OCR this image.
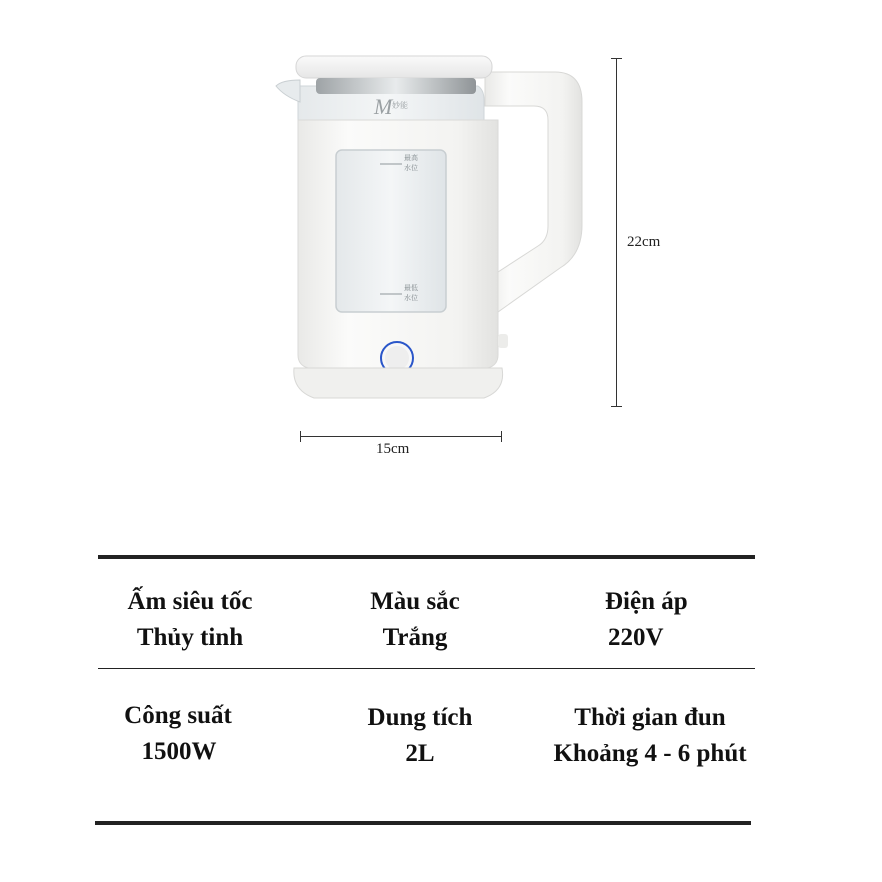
M 妙能
最高
水位
最低
水位
22cm
15cm
Ấm siêu tốc
Thủy tinh
Màu sắc
Trắng
Điện áp
220V
Công suất
1500W
Dung tích
2L
Thời gian đun
Khoảng 4 - 6 phút
